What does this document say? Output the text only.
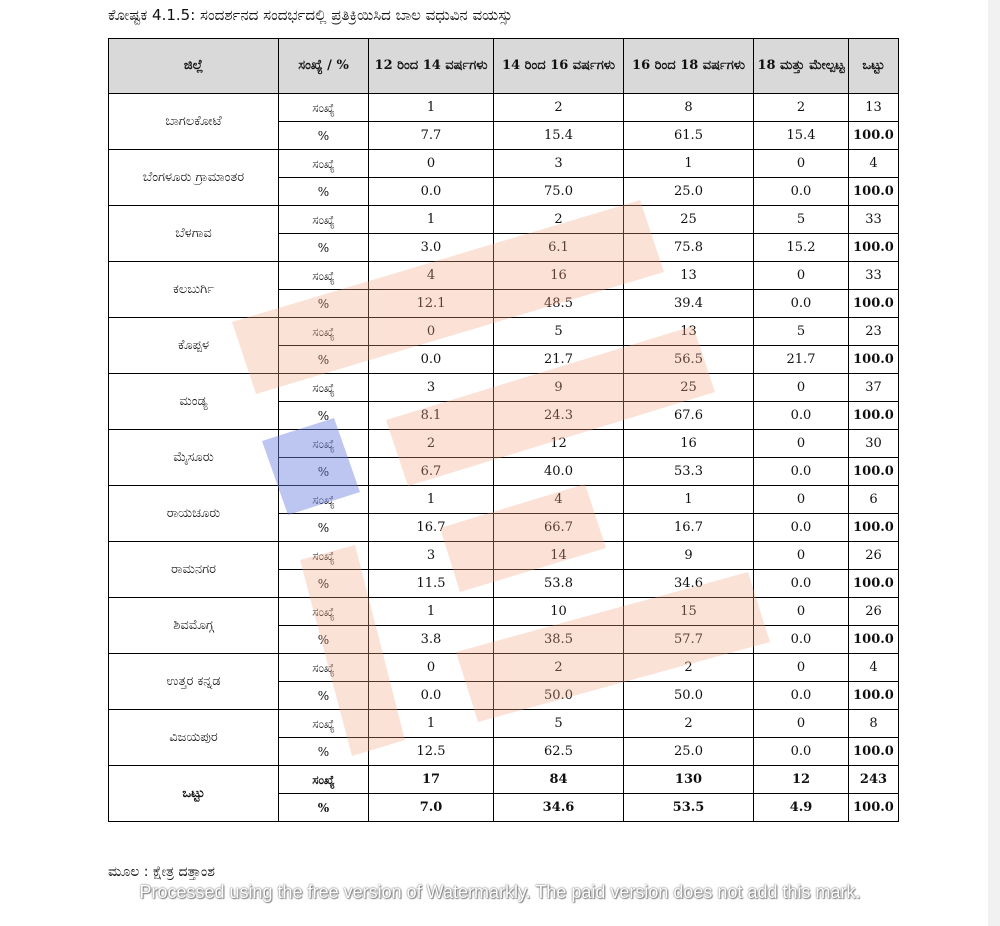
ಕೋಷ್ಟಕ 4.1.5: ಸಂದರ್ಶನದ ಸಂದರ್ಭದಲ್ಲಿ ಪ್ರತಿಕ್ರಿಯಿಸಿದ ಬಾಲ ವಧುವಿನ ವಯಸ್ಸು
ಜಿಲ್ಲೆ	ಸಂಖ್ಯೆ / %	12 ರಿಂದ 14 ವರ್ಷಗಳು	14 ರಿಂದ 16 ವರ್ಷಗಳು	16 ರಿಂದ 18 ವರ್ಷಗಳು	18 ಮತ್ತು ಮೇಲ್ಪಟ್ಟ	ಒಟ್ಟು
ಬಾಗಲಕೋಟೆ	ಸಂಖ್ಯೆ	1	2	8	2	13
	%	7.7	15.4	61.5	15.4	100.0
ಬೆಂಗಳೂರು ಗ್ರಾಮಾಂತರ	ಸಂಖ್ಯೆ	0	3	1	0	4
	%	0.0	75.0	25.0	0.0	100.0
ಬೆಳಗಾವ	ಸಂಖ್ಯೆ	1	2	25	5	33
	%	3.0	6.1	75.8	15.2	100.0
ಕಲಬುರ್ಗಿ	ಸಂಖ್ಯೆ	4	16	13	0	33
	%	12.1	48.5	39.4	0.0	100.0
ಕೊಪ್ಪಳ	ಸಂಖ್ಯೆ	0	5	13	5	23
	%	0.0	21.7	56.5	21.7	100.0
ಮಂಡ್ಯ	ಸಂಖ್ಯೆ	3	9	25	0	37
	%	8.1	24.3	67.6	0.0	100.0
ಮೈಸೂರು	ಸಂಖ್ಯೆ	2	12	16	0	30
	%	6.7	40.0	53.3	0.0	100.0
ರಾಯಚೂರು	ಸಂಖ್ಯೆ	1	4	1	0	6
	%	16.7	66.7	16.7	0.0	100.0
ರಾಮನಗರ	ಸಂಖ್ಯೆ	3	14	9	0	26
	%	11.5	53.8	34.6	0.0	100.0
ಶಿವಮೊಗ್ಗ	ಸಂಖ್ಯೆ	1	10	15	0	26
	%	3.8	38.5	57.7	0.0	100.0
ಉತ್ತರ ಕನ್ನಡ	ಸಂಖ್ಯೆ	0	2	2	0	4
	%	0.0	50.0	50.0	0.0	100.0
ವಿಜಯಪುರ	ಸಂಖ್ಯೆ	1	5	2	0	8
	%	12.5	62.5	25.0	0.0	100.0
ಒಟ್ಟು	ಸಂಖ್ಯೆ	17	84	130	12	243
	%	7.0	34.6	53.5	4.9	100.0
ಮೂಲ : ಕ್ಷೇತ್ರ ದತ್ತಾಂಶ
Processed using the free version of Watermarkly. The paid version does not add this mark.
